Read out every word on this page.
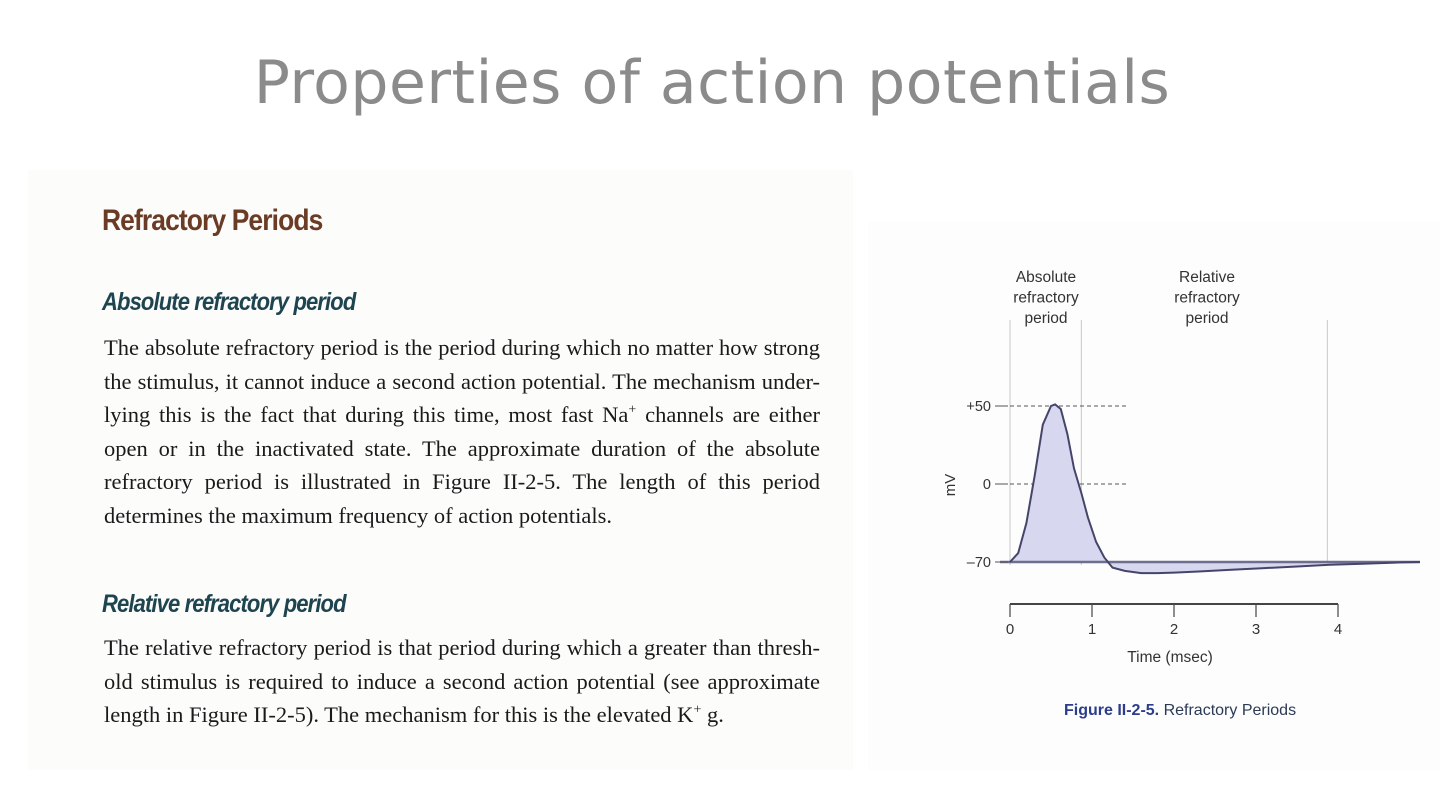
Properties of action potentials
Refractory Periods
Absolute refractory period
The absolute refractory period is the period during which no matter how strong the stimulus, it cannot induce a second action potential. The mechanism under-lying this is the fact that during this time, most fast Na+ channels are either open or in the inactivated state. The approximate duration of the absolute refractory period is illustrated in Figure II-2-5. The length of this period determines the maximum frequency of action potentials.
Relative refractory period
The relative refractory period is that period during which a greater than thresh-old stimulus is required to induce a second action potential (see approximate length in Figure II-2-5). The mechanism for this is the elevated K+ g.
Absolute
refractory
period
Relative
refractory
period
+50
0
–70
mV
0	1	2	3	4
Time (msec)
Figure II-2-5. Refractory Periods
